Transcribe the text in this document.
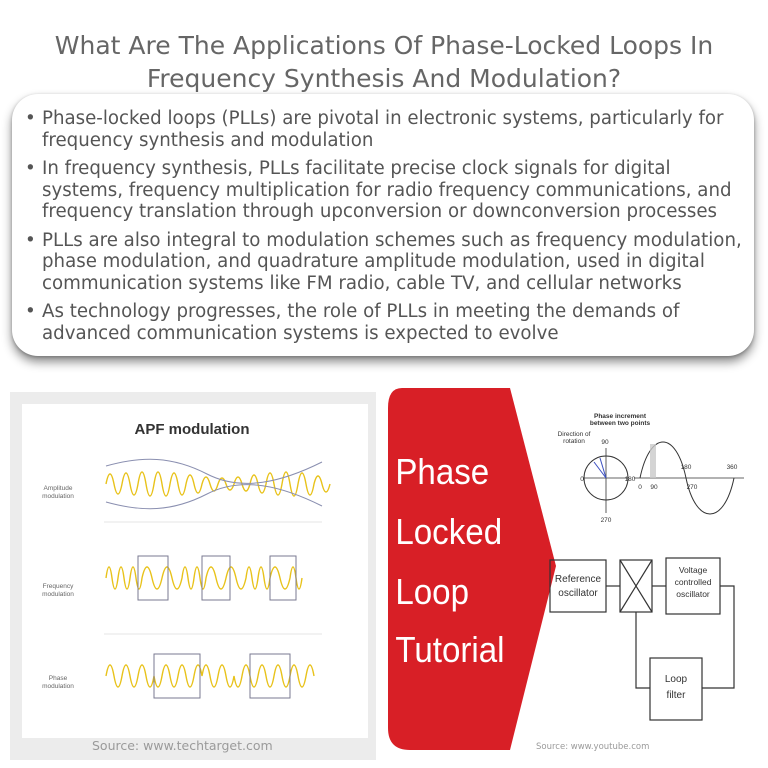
What Are The Applications Of Phase-Locked Loops In Frequency Synthesis And Modulation?
• Phase-locked loops (PLLs) are pivotal in electronic systems, particularly for frequency synthesis and modulation
• In frequency synthesis, PLLs facilitate precise clock signals for digital systems, frequency multiplication for radio frequency communications, and frequency translation through upconversion or downconversion processes
• PLLs are also integral to modulation schemes such as frequency modulation, phase modulation, and quadrature amplitude modulation, used in digital communication systems like FM radio, cable TV, and cellular networks
• As technology progresses, the role of PLLs in meeting the demands of advanced communication systems is expected to evolve
APF modulation
Amplitude modulation
Frequency modulation
Phase modulation
Source: www.techtarget.com
Phase
Locked
Loop
Tutorial
Phase increment between two points
Direction of rotation	90
0	180
270
0 90
180
270
360
Reference oscillator
Voltage controlled oscillator
Loop filter
Source: www.youtube.com
